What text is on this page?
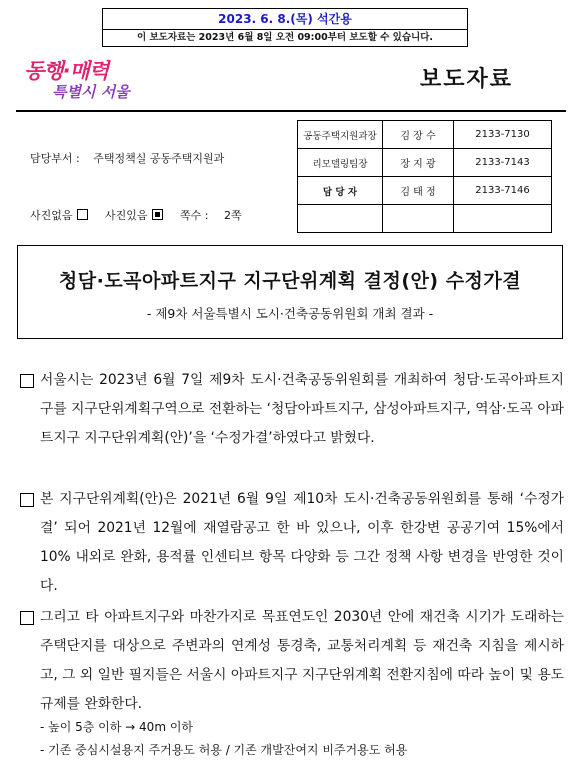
2023. 6. 8.(목) 석간용
이 보도자료는 2023년 6월 8일 오전 09:00부터 보도할 수 있습니다.
동행·매력
특별시 서울	보도자료
담당부서 : 주택정책실 공동주택지원과
공동주택지원과장	김 장 수	2133-7130
리모델링팀장	장 지 광	2133-7143
담 당 자	김 태 정	2133-7146

사진없음	사진있음	쪽수 : 2쪽
청담·도곡아파트지구 지구단위계획 결정(안) 수정가결
- 제9차 서울특별시 도시·건축공동위원회 개최 결과 -
서울시는 2023년 6월 7일 제9차 도시·건축공동위원회를 개최하여 청담·도곡아파트지구를 지구단위계획구역으로 전환하는 ‘청담아파트지구, 삼성아파트지구, 역삼·도곡 아파트지구 지구단위계획(안)’을 ‘수정가결’하였다고 밝혔다.
본 지구단위계획(안)은 2021년 6월 9일 제10차 도시·건축공동위원회를 통해 ‘수정가결’ 되어 2021년 12월에 재열람공고 한 바 있으나, 이후 한강변 공공기여 15%에서 10% 내외로 완화, 용적률 인센티브 항목 다양화 등 그간 정책 사항 변경을 반영한 것이다.
그리고 타 아파트지구와 마찬가지로 목표연도인 2030년 안에 재건축 시기가 도래하는 주택단지를 대상으로 주변과의 연계성 통경축, 교통처리계획 등 재건축 지침을 제시하고, 그 외 일반 필지들은 서울시 아파트지구 지구단위계획 전환지침에 따라 높이 및 용도규제를 완화한다.
- 높이 5층 이하 → 40m 이하
- 기존 중심시설용지 주거용도 허용 / 기존 개발잔여지 비주거용도 허용
